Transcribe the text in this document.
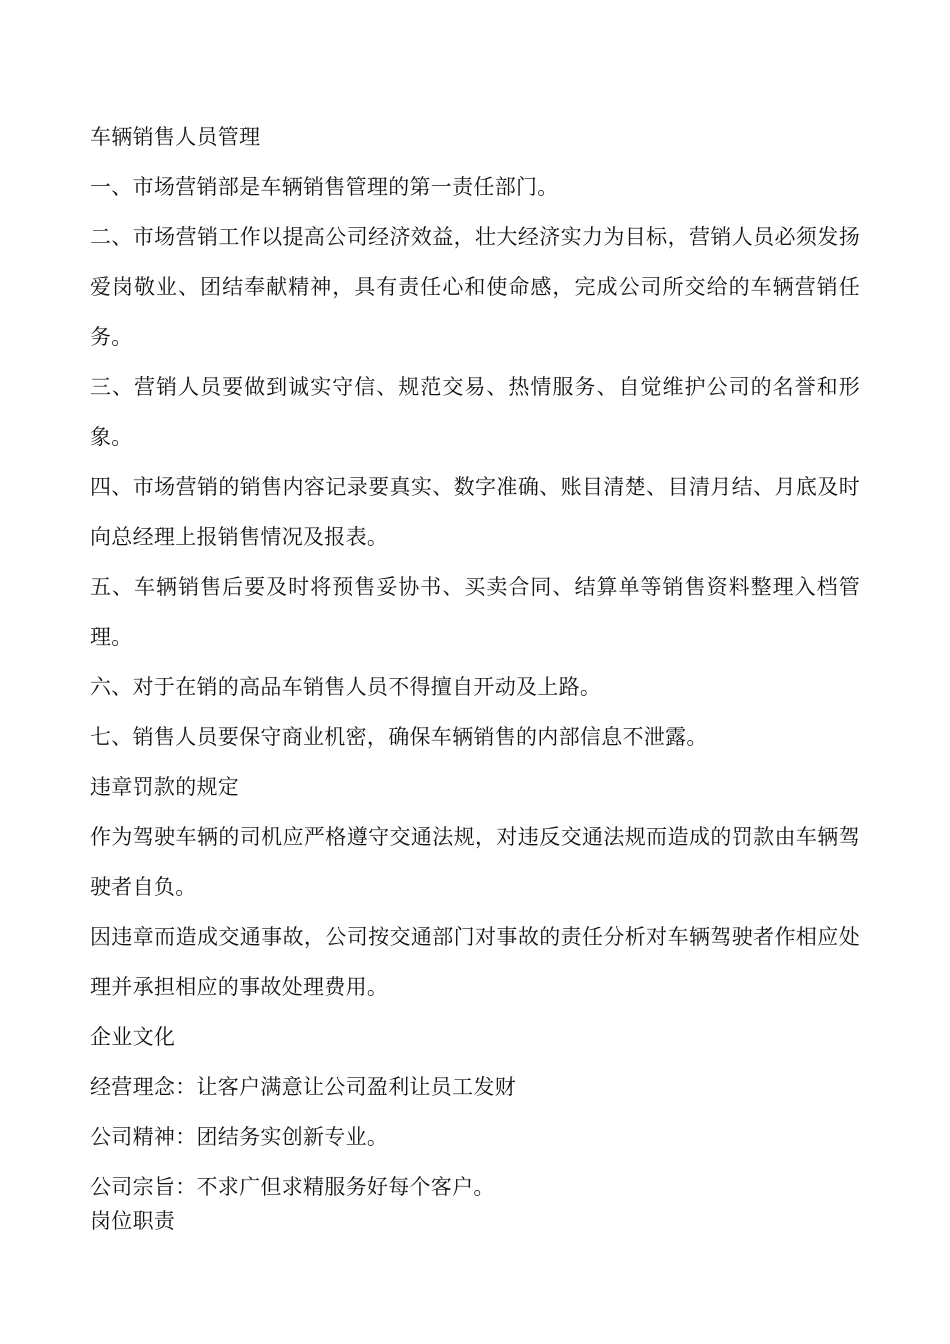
车辆销售人员管理
一、市场营销部是车辆销售管理的第一责任部门。
二、市场营销工作以提高公司经济效益，壮大经济实力为目标，营销人员必须发扬爱岗敬业、团结奉献精神，具有责任心和使命感，完成公司所交给的车辆营销任务。
三、营销人员要做到诚实守信、规范交易、热情服务、自觉维护公司的名誉和形象。
四、市场营销的销售内容记录要真实、数字准确、账目清楚、目清月结、月底及时向总经理上报销售情况及报表。
五、车辆销售后要及时将预售妥协书、买卖合同、结算单等销售资料整理入档管理。
六、对于在销的高品车销售人员不得擅自开动及上路。
七、销售人员要保守商业机密，确保车辆销售的内部信息不泄露。
违章罚款的规定
作为驾驶车辆的司机应严格遵守交通法规，对违反交通法规而造成的罚款由车辆驾驶者自负。
因违章而造成交通事故，公司按交通部门对事故的责任分析对车辆驾驶者作相应处理并承担相应的事故处理费用。
企业文化
经营理念：让客户满意让公司盈利让员工发财
公司精神：团结务实创新专业。
公司宗旨：不求广但求精服务好每个客户。
岗位职责
